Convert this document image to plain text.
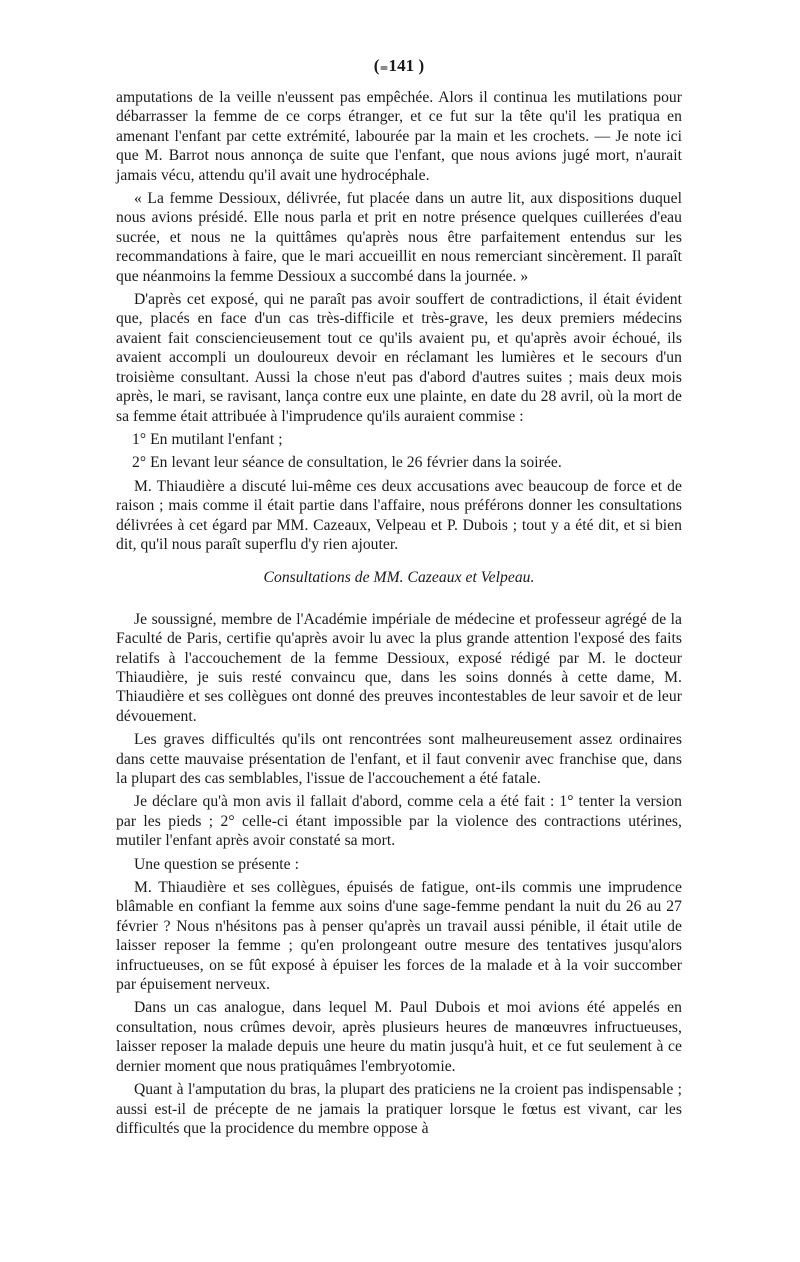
(₌141 )

amputations de la veille n'eussent pas empêchée. Alors il continua les mutilations pour débarrasser la femme de ce corps étranger, et ce fut sur la tête qu'il les pratiqua en amenant l'enfant par cette extrémité, labourée par la main et les crochets. — Je note ici que M. Barrot nous annonça de suite que l'enfant, que nous avions jugé mort, n'aurait jamais vécu, attendu qu'il avait une hydrocéphale.

« La femme Dessioux, délivrée, fut placée dans un autre lit, aux dispositions duquel nous avions présidé. Elle nous parla et prit en notre présence quelques cuillerées d'eau sucrée, et nous ne la quittâmes qu'après nous être parfaitement entendus sur les recommandations à faire, que le mari accueillit en nous remerciant sincèrement. Il paraît que néanmoins la femme Dessioux a succombé dans la journée. »

D'après cet exposé, qui ne paraît pas avoir souffert de contradictions, il était évident que, placés en face d'un cas très-difficile et très-grave, les deux premiers médecins avaient fait consciencieusement tout ce qu'ils avaient pu, et qu'après avoir échoué, ils avaient accompli un douloureux devoir en réclamant les lumières et le secours d'un troisième consultant. Aussi la chose n'eut pas d'abord d'autres suites ; mais deux mois après, le mari, se ravisant, lança contre eux une plainte, en date du 28 avril, où la mort de sa femme était attribuée à l'imprudence qu'ils auraient commise :

1° En mutilant l'enfant ;

2° En levant leur séance de consultation, le 26 février dans la soirée.

M. Thiaudière a discuté lui-même ces deux accusations avec beaucoup de force et de raison ; mais comme il était partie dans l'affaire, nous préférons donner les consultations délivrées à cet égard par MM. Cazeaux, Velpeau et P. Dubois ; tout y a été dit, et si bien dit, qu'il nous paraît superflu d'y rien ajouter.

Consultations de MM. Cazeaux et Velpeau.

Je soussigné, membre de l'Académie impériale de médecine et professeur agrégé de la Faculté de Paris, certifie qu'après avoir lu avec la plus grande attention l'exposé des faits relatifs à l'accouchement de la femme Dessioux, exposé rédigé par M. le docteur Thiaudière, je suis resté convaincu que, dans les soins donnés à cette dame, M. Thiaudière et ses collègues ont donné des preuves incontestables de leur savoir et de leur dévouement.

Les graves difficultés qu'ils ont rencontrées sont malheureusement assez ordinaires dans cette mauvaise présentation de l'enfant, et il faut convenir avec franchise que, dans la plupart des cas semblables, l'issue de l'accouchement a été fatale.

Je déclare qu'à mon avis il fallait d'abord, comme cela a été fait : 1° tenter la version par les pieds ; 2° celle-ci étant impossible par la violence des contractions utérines, mutiler l'enfant après avoir constaté sa mort.

Une question se présente :

M. Thiaudière et ses collègues, épuisés de fatigue, ont-ils commis une imprudence blâmable en confiant la femme aux soins d'une sage-femme pendant la nuit du 26 au 27 février ? Nous n'hésitons pas à penser qu'après un travail aussi pénible, il était utile de laisser reposer la femme ; qu'en prolongeant outre mesure des tentatives jusqu'alors infructueuses, on se fût exposé à épuiser les forces de la malade et à la voir succomber par épuisement nerveux.

Dans un cas analogue, dans lequel M. Paul Dubois et moi avions été appelés en consultation, nous crûmes devoir, après plusieurs heures de manœuvres infructueuses, laisser reposer la malade depuis une heure du matin jusqu'à huit, et ce fut seulement à ce dernier moment que nous pratiquâmes l'embryotomie.

Quant à l'amputation du bras, la plupart des praticiens ne la croient pas indispensable ; aussi est-il de précepte de ne jamais la pratiquer lorsque le fœtus est vivant, car les difficultés que la procidence du membre oppose à
